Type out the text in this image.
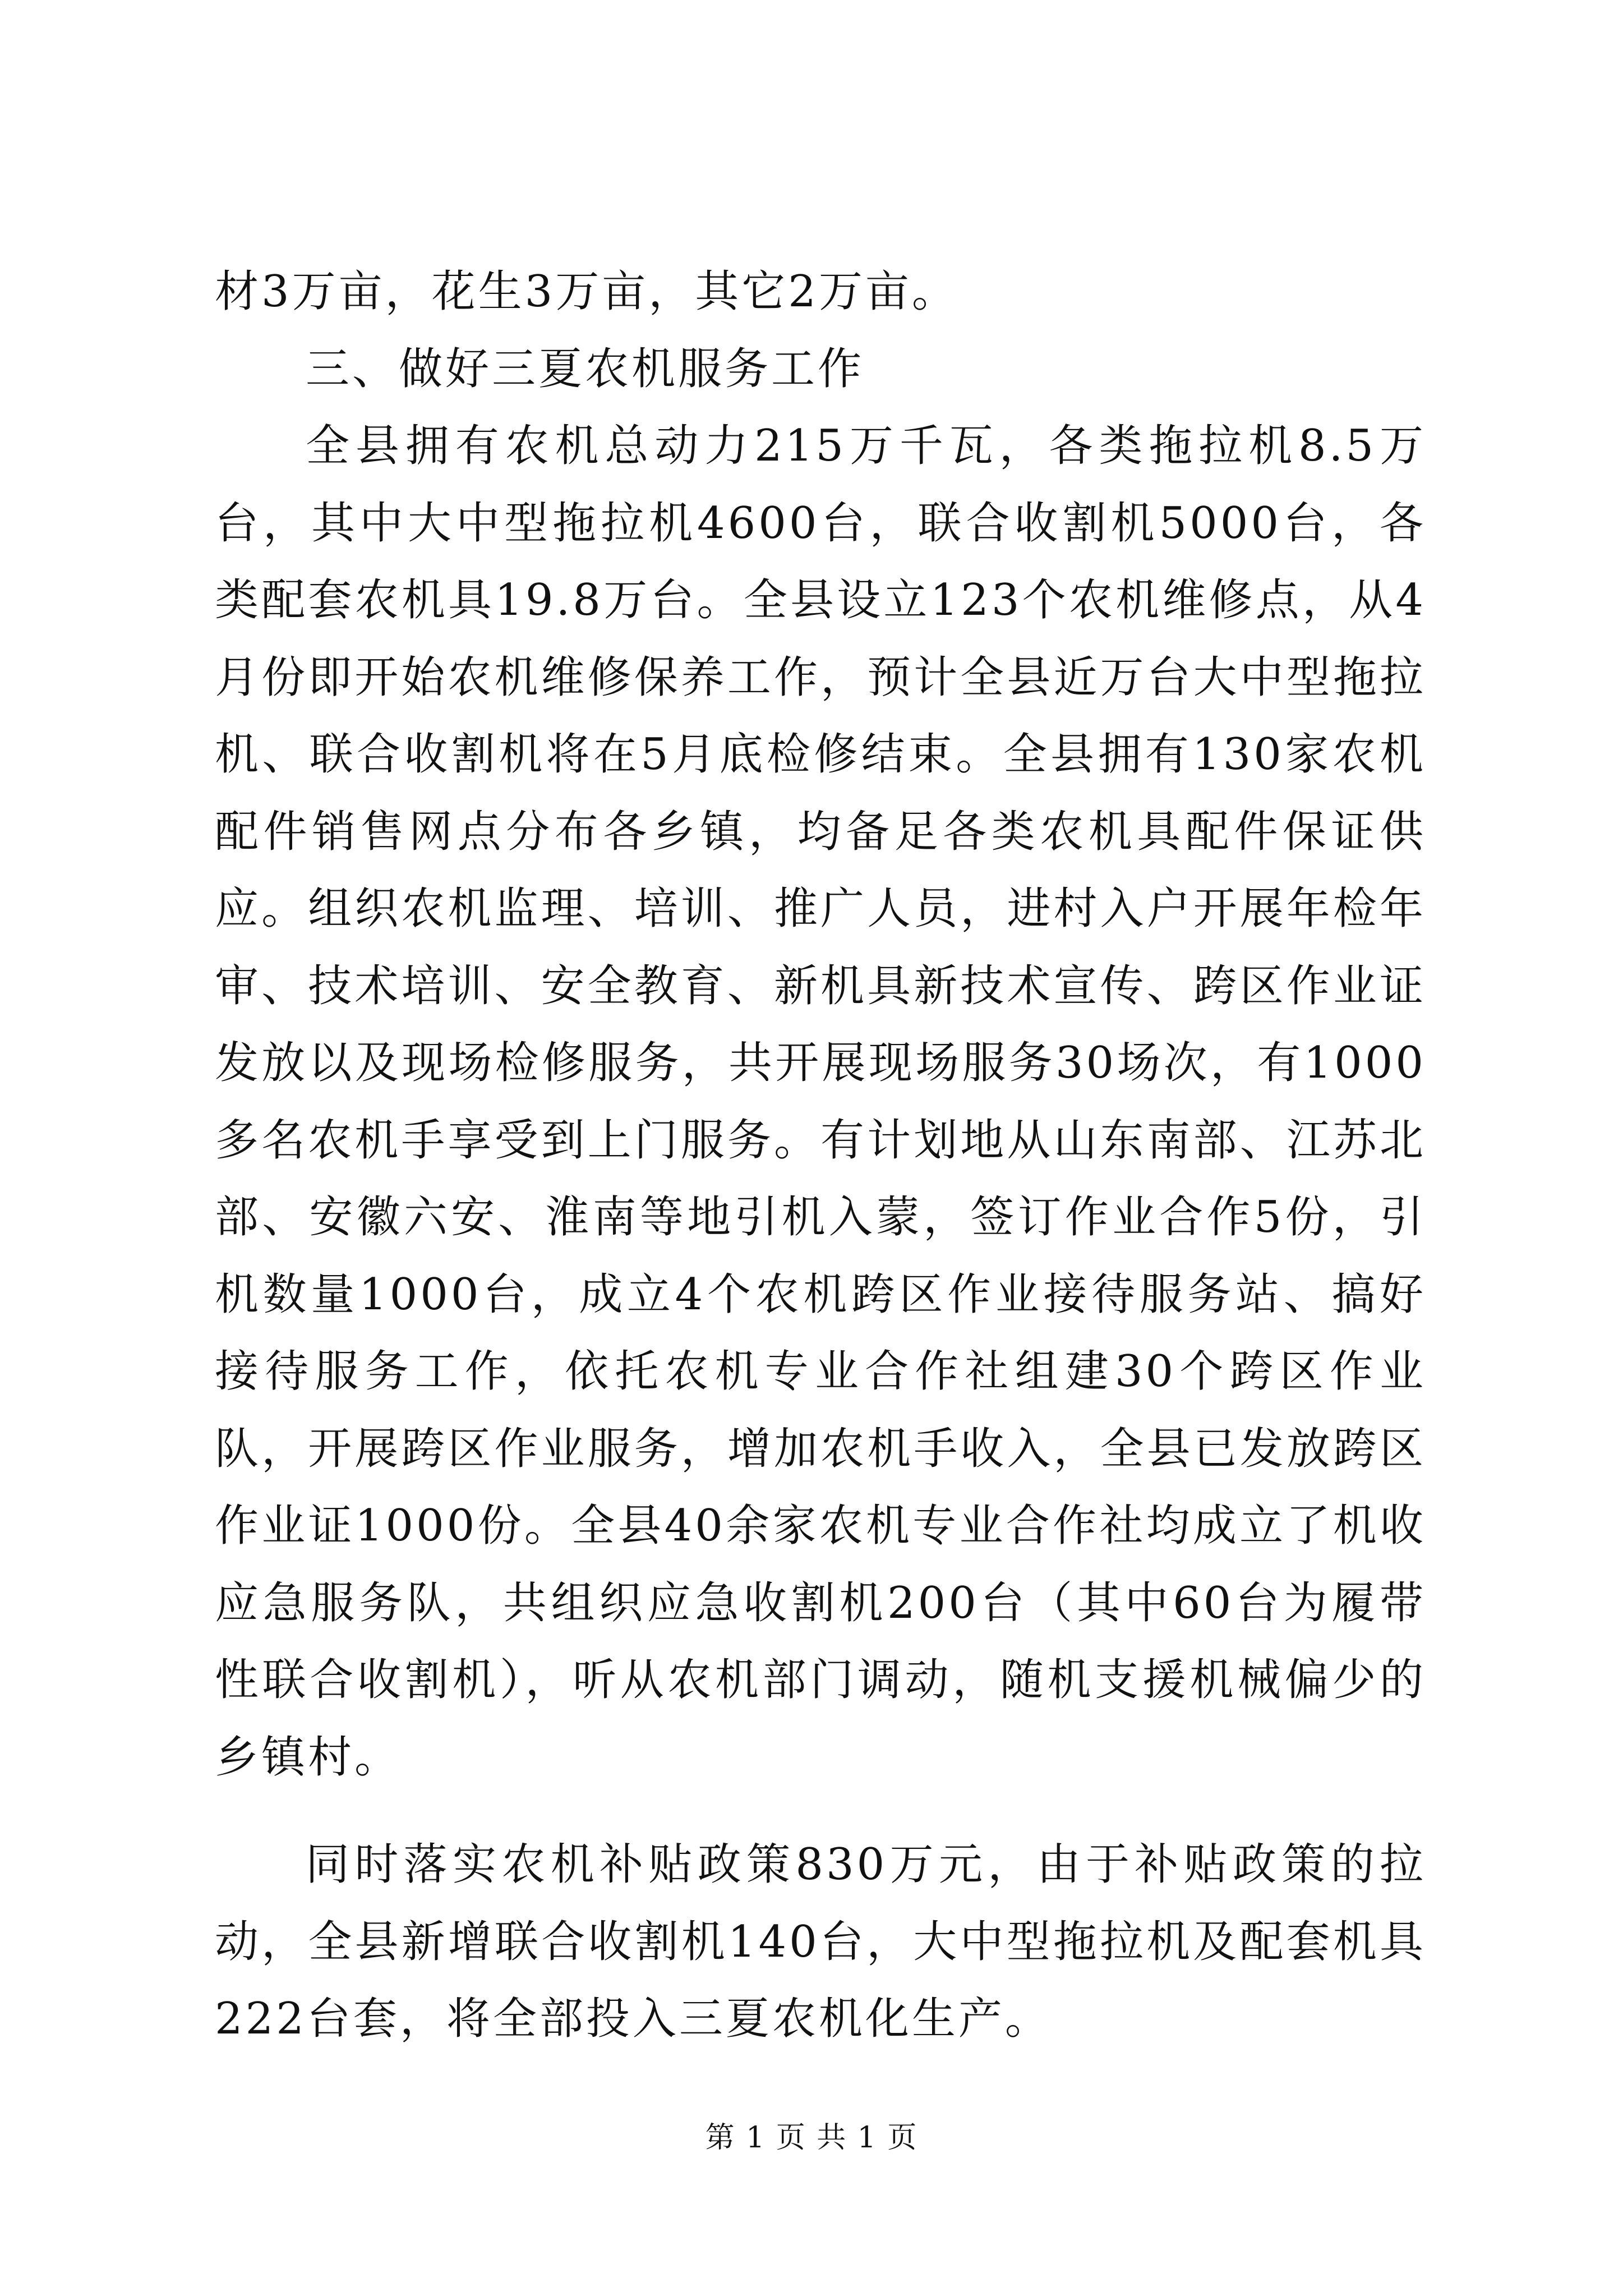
材3万亩，花生3万亩，其它2万亩。

三、做好三夏农机服务工作

全县拥有农机总动力215万千瓦，各类拖拉机8.5万台，其中大中型拖拉机4600台，联合收割机5000台，各类配套农机具19.8万台。全县设立123个农机维修点，从4月份即开始农机维修保养工作，预计全县近万台大中型拖拉机、联合收割机将在5月底检修结束。全县拥有130家农机配件销售网点分布各乡镇，均备足各类农机具配件保证供应。组织农机监理、培训、推广人员，进村入户开展年检年审、技术培训、安全教育、新机具新技术宣传、跨区作业证发放以及现场检修服务，共开展现场服务30场次，有1000多名农机手享受到上门服务。有计划地从山东南部、江苏北部、安徽六安、淮南等地引机入蒙，签订作业合作5份，引机数量1000台，成立4个农机跨区作业接待服务站、搞好接待服务工作，依托农机专业合作社组建30个跨区作业队，开展跨区作业服务，增加农机手收入，全县已发放跨区作业证1000份。全县40余家农机专业合作社均成立了机收应急服务队，共组织应急收割机200台（其中60台为履带性联合收割机），听从农机部门调动，随机支援机械偏少的乡镇村。

同时落实农机补贴政策830万元，由于补贴政策的拉动，全县新增联合收割机140台，大中型拖拉机及配套机具222台套，将全部投入三夏农机化生产。

第 1 页 共 1 页
